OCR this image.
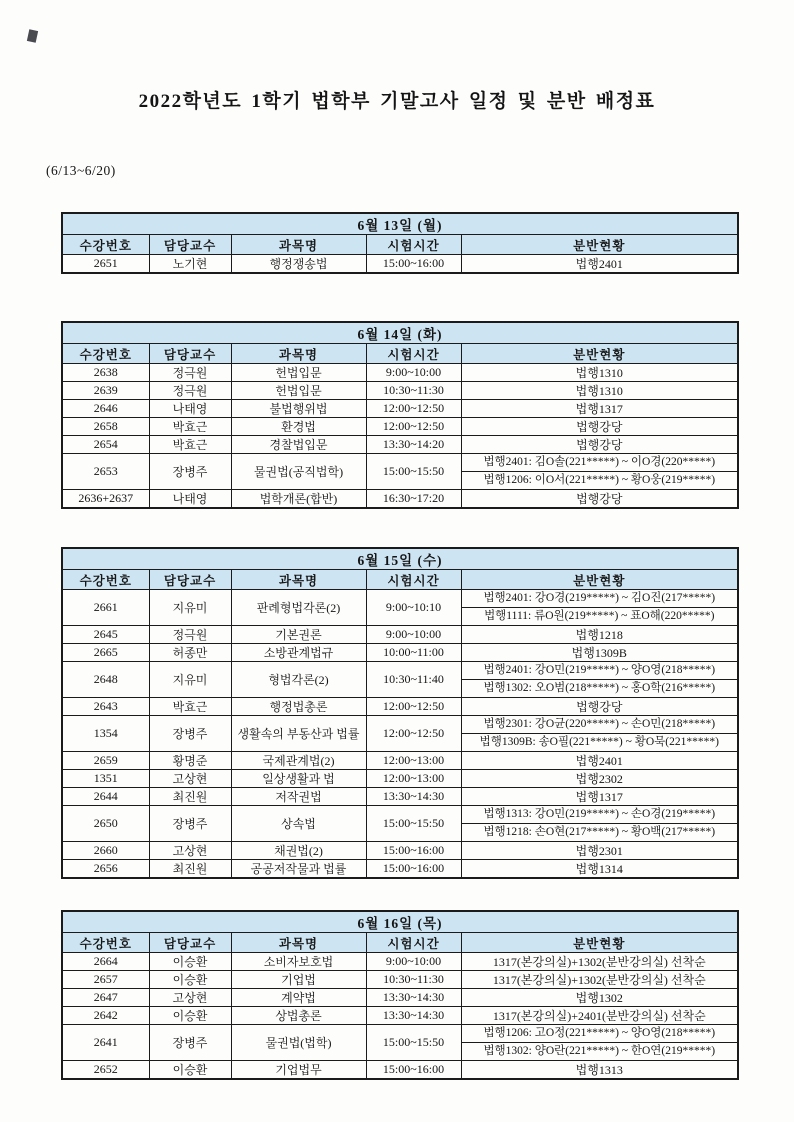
2022학년도 1학기 법학부 기말고사 일정 및 분반 배정표
(6/13~6/20)
6월 13일 (월)				
수강번호	담당교수	과목명	시험시간	분반현황
2651	노기현	행정쟁송법	15:00~16:00	법행2401
6월 14일 (화)				
수강번호	담당교수	과목명	시험시간	분반현황
2638	정극원	헌법입문	9:00~10:00	법행1310
2639	정극원	헌법입문	10:30~11:30	법행1310
2646	나태영	불법행위법	12:00~12:50	법행1317
2658	박효근	환경법	12:00~12:50	법행강당
2654	박효근	경찰법입문	13:30~14:20	법행강당
2653	장병주	물권법(공직법학)	15:00~15:50	법행2401: 김O솔(221*****) ~ 이O경(220*****)
법행1206: 이O서(221*****) ~ 황O웅(219*****)

2636+2637	나태영	법학개론(합반)	16:30~17:20	법행강당
6월 15일 (수)				
수강번호	담당교수	과목명	시험시간	분반현황
2661	지유미	판례형법각론(2)	9:00~10:10	법행2401: 강O경(219*****) ~ 김O진(217*****)
법행1111: 류O원(219*****) ~ 표O해(220*****)

2645	정극원	기본권론	9:00~10:00	법행1218
2665	허종만	소방관계법규	10:00~11:00	법행1309B
2648	지유미	형법각론(2)	10:30~11:40	법행2401: 강O민(219*****) ~ 양O영(218*****)
법행1302: 오O범(218*****) ~ 홍O학(216*****)

2643	박효근	행정법총론	12:00~12:50	법행강당
1354	장병주	생활속의 부동산과 법률	12:00~12:50	법행2301: 강O균(220*****) ~ 손O민(218*****)
법행1309B: 송O필(221*****) ~ 황O묵(221*****)

2659	황명준	국제관계법(2)	12:00~13:00	법행2401
1351	고상현	일상생활과 법	12:00~13:00	법행2302
2644	최진원	저작권법	13:30~14:30	법행1317
2650	장병주	상속법	15:00~15:50	법행1313: 강O민(219*****) ~ 손O경(219*****)
법행1218: 손O현(217*****) ~ 황O백(217*****)

2660	고상현	채권법(2)	15:00~16:00	법행2301
2656	최진원	공공저작물과 법률	15:00~16:00	법행1314
6월 16일 (목)				
수강번호	담당교수	과목명	시험시간	분반현황
2664	이승환	소비자보호법	9:00~10:00	1317(본강의실)+1302(분반강의실) 선착순
2657	이승환	기업법	10:30~11:30	1317(본강의실)+1302(분반강의실) 선착순
2647	고상현	계약법	13:30~14:30	법행1302
2642	이승환	상법총론	13:30~14:30	1317(본강의실)+2401(분반강의실) 선착순
2641	장병주	물권법(법학)	15:00~15:50	법행1206: 고O정(221*****) ~ 양O영(218*****)
법행1302: 양O란(221*****) ~ 한O연(219*****)

2652	이승환	기업법무	15:00~16:00	법행1313
